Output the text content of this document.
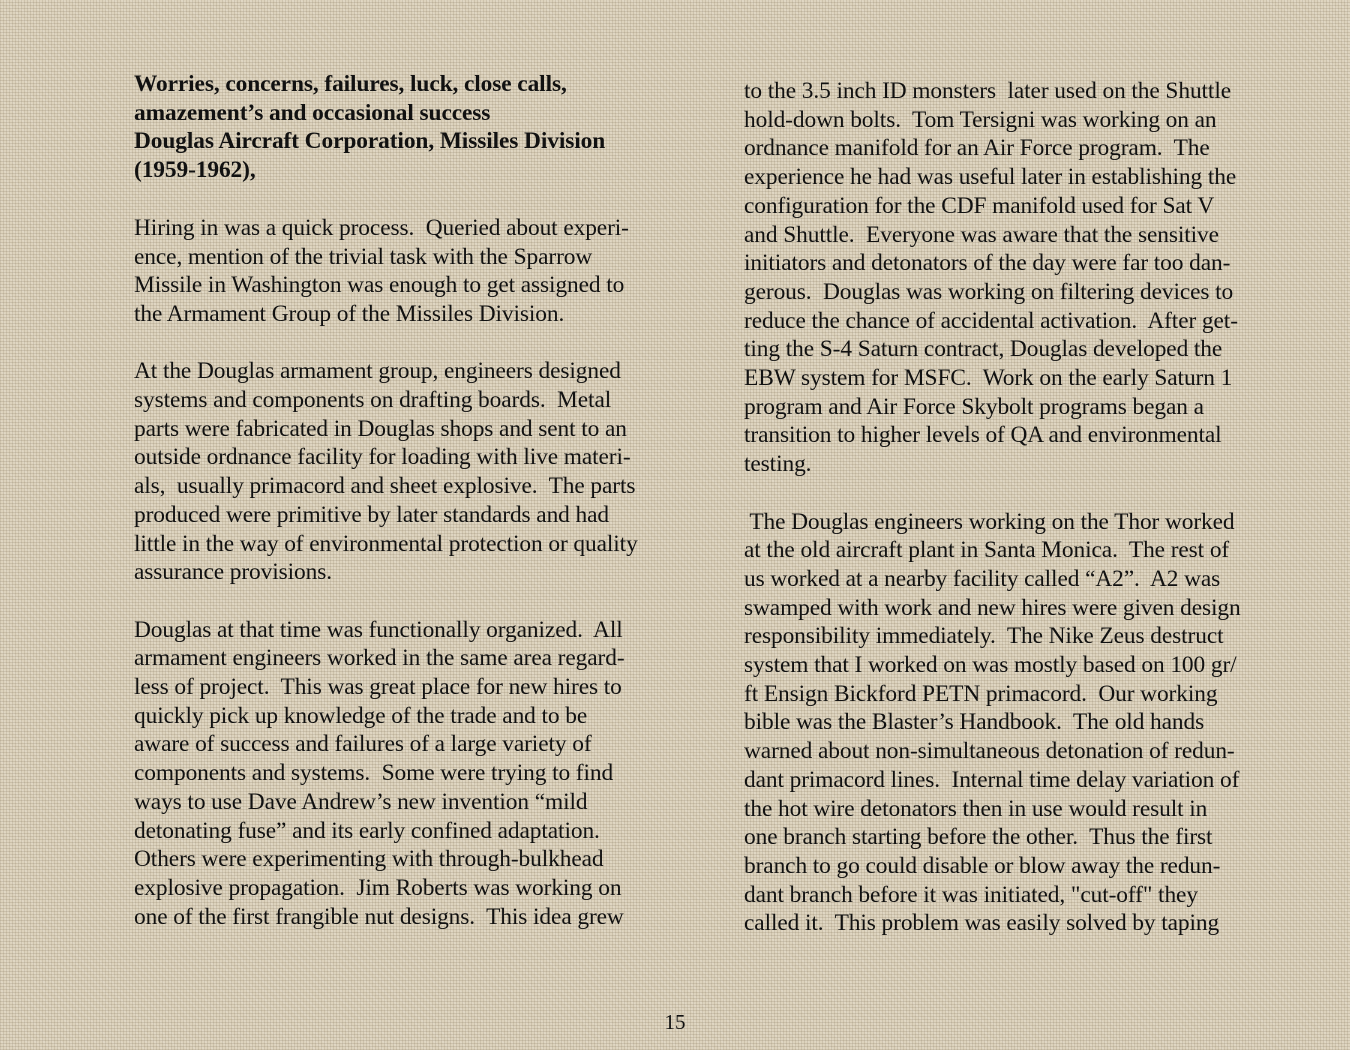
Worries, concerns, failures, luck, close calls,
amazement’s and occasional success
Douglas Aircraft Corporation, Missiles Division
(1959-1962),
Hiring in was a quick process.  Queried about experi-
ence, mention of the trivial task with the Sparrow
Missile in Washington was enough to get assigned to
the Armament Group of the Missiles Division.
At the Douglas armament group, engineers designed
systems and components on drafting boards.  Metal
parts were fabricated in Douglas shops and sent to an
outside ordnance facility for loading with live materi-
als,  usually primacord and sheet explosive.  The parts
produced were primitive by later standards and had
little in the way of environmental protection or quality
assurance provisions.
Douglas at that time was functionally organized.  All
armament engineers worked in the same area regard-
less of project.  This was great place for new hires to
quickly pick up knowledge of the trade and to be
aware of success and failures of a large variety of
components and systems.  Some were trying to find
ways to use Dave Andrew’s new invention “mild
detonating fuse” and its early confined adaptation.
Others were experimenting with through-bulkhead
explosive propagation.  Jim Roberts was working on
one of the first frangible nut designs.  This idea grew
to the 3.5 inch ID monsters  later used on the Shuttle
hold-down bolts.  Tom Tersigni was working on an
ordnance manifold for an Air Force program.  The
experience he had was useful later in establishing the
configuration for the CDF manifold used for Sat V
and Shuttle.  Everyone was aware that the sensitive
initiators and detonators of the day were far too dan-
gerous.  Douglas was working on filtering devices to
reduce the chance of accidental activation.  After get-
ting the S-4 Saturn contract, Douglas developed the
EBW system for MSFC.  Work on the early Saturn 1
program and Air Force Skybolt programs began a
transition to higher levels of QA and environmental
testing.
The Douglas engineers working on the Thor worked
at the old aircraft plant in Santa Monica.  The rest of
us worked at a nearby facility called “A2”.  A2 was
swamped with work and new hires were given design
responsibility immediately.  The Nike Zeus destruct
system that I worked on was mostly based on 100 gr/
ft Ensign Bickford PETN primacord.  Our working
bible was the Blaster’s Handbook.  The old hands
warned about non-simultaneous detonation of redun-
dant primacord lines.  Internal time delay variation of
the hot wire detonators then in use would result in
one branch starting before the other.  Thus the first
branch to go could disable or blow away the redun-
dant branch before it was initiated, "cut-off" they
called it.  This problem was easily solved by taping
15
